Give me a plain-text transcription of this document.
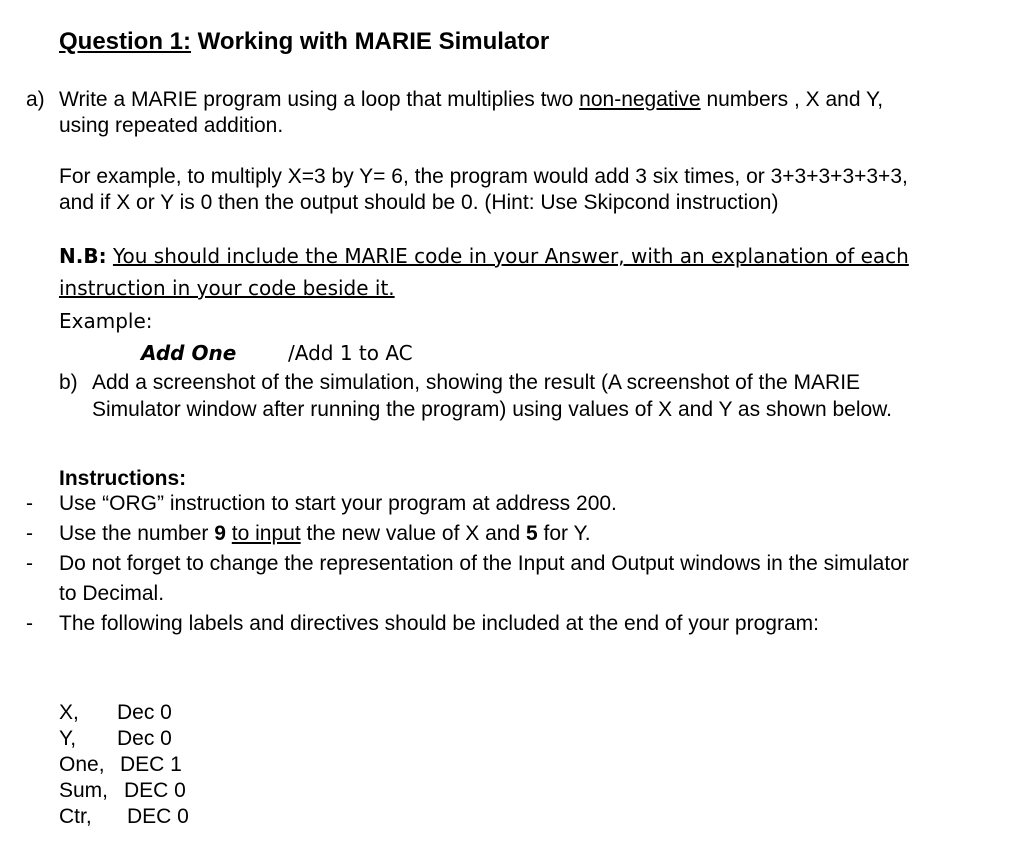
Question 1: Working with MARIE Simulator
a) Write a MARIE program using a loop that multiplies two non-negative numbers , X and Y,
using repeated addition.
For example, to multiply X=3 by Y= 6, the program would add 3 six times, or 3+3+3+3+3+3,
and if X or Y is 0 then the output should be 0. (Hint: Use Skipcond instruction)
N.B: You should include the MARIE code in your Answer, with an explanation of each
instruction in your code beside it.
Example:
Add One	/Add 1 to AC
b) Add a screenshot of the simulation, showing the result (A screenshot of the MARIE
Simulator window after running the program) using values of X and Y as shown below.
Instructions:
- Use “ORG” instruction to start your program at address 200.
- Use the number 9 to input the new value of X and 5 for Y.
- Do not forget to change the representation of the Input and Output windows in the simulator
to Decimal.
- The following labels and directives should be included at the end of your program:
X, Dec 0
Y, Dec 0
One, DEC 1
Sum, DEC 0
Ctr, DEC 0
